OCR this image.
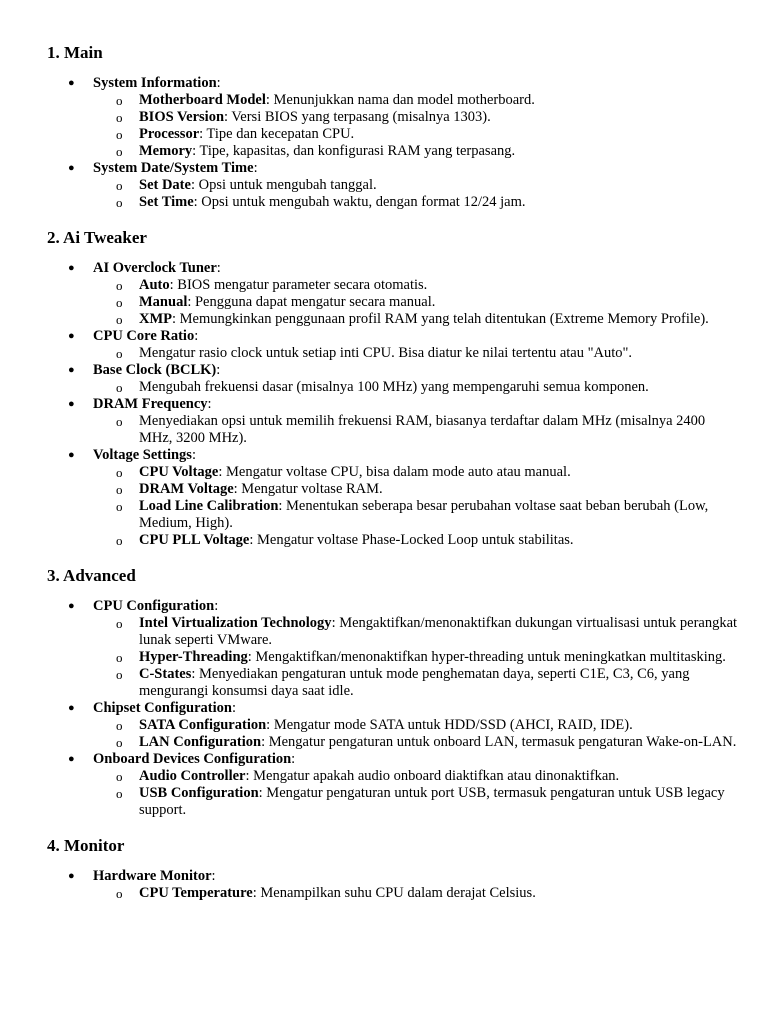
1. Main
● System Information:
o Motherboard Model: Menunjukkan nama dan model motherboard.
o BIOS Version: Versi BIOS yang terpasang (misalnya 1303).
o Processor: Tipe dan kecepatan CPU.
o Memory: Tipe, kapasitas, dan konfigurasi RAM yang terpasang.
● System Date/System Time:
o Set Date: Opsi untuk mengubah tanggal.
o Set Time: Opsi untuk mengubah waktu, dengan format 12/24 jam.
2. Ai Tweaker
● AI Overclock Tuner:
o Auto: BIOS mengatur parameter secara otomatis.
o Manual: Pengguna dapat mengatur secara manual.
o XMP: Memungkinkan penggunaan profil RAM yang telah ditentukan (Extreme Memory Profile).
● CPU Core Ratio:
o Mengatur rasio clock untuk setiap inti CPU. Bisa diatur ke nilai tertentu atau "Auto".
● Base Clock (BCLK):
o Mengubah frekuensi dasar (misalnya 100 MHz) yang mempengaruhi semua komponen.
● DRAM Frequency:
o Menyediakan opsi untuk memilih frekuensi RAM, biasanya terdaftar dalam MHz (misalnya 2400 MHz, 3200 MHz).
● Voltage Settings:
o CPU Voltage: Mengatur voltase CPU, bisa dalam mode auto atau manual.
o DRAM Voltage: Mengatur voltase RAM.
o Load Line Calibration: Menentukan seberapa besar perubahan voltase saat beban berubah (Low, Medium, High).
o CPU PLL Voltage: Mengatur voltase Phase-Locked Loop untuk stabilitas.
3. Advanced
● CPU Configuration:
o Intel Virtualization Technology: Mengaktifkan/menonaktifkan dukungan virtualisasi untuk perangkat lunak seperti VMware.
o Hyper-Threading: Mengaktifkan/menonaktifkan hyper-threading untuk meningkatkan multitasking.
o C-States: Menyediakan pengaturan untuk mode penghematan daya, seperti C1E, C3, C6, yang mengurangi konsumsi daya saat idle.
● Chipset Configuration:
o SATA Configuration: Mengatur mode SATA untuk HDD/SSD (AHCI, RAID, IDE).
o LAN Configuration: Mengatur pengaturan untuk onboard LAN, termasuk pengaturan Wake-on-LAN.
● Onboard Devices Configuration:
o Audio Controller: Mengatur apakah audio onboard diaktifkan atau dinonaktifkan.
o USB Configuration: Mengatur pengaturan untuk port USB, termasuk pengaturan untuk USB legacy support.
4. Monitor
● Hardware Monitor:
o CPU Temperature: Menampilkan suhu CPU dalam derajat Celsius.
